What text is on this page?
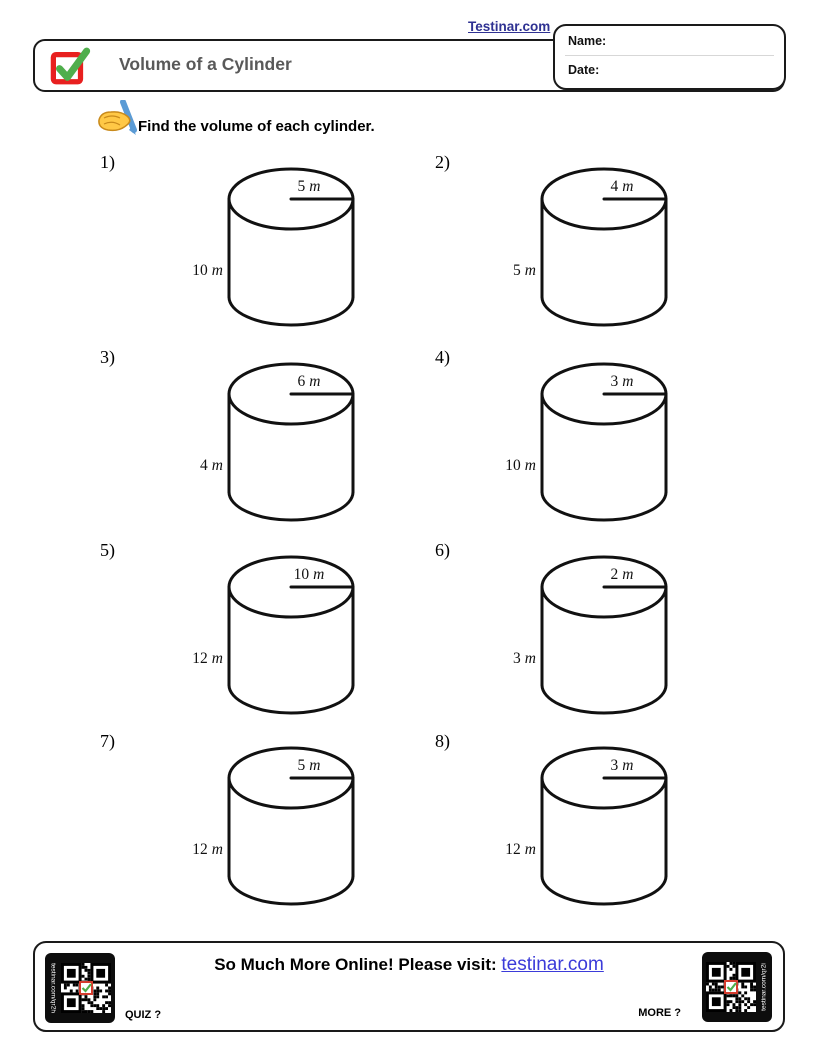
Testinar.com
Volume of a Cylinder
Name:
Date:
Find the volume of each cylinder.
1)
5 m
10 m
2)
4 m
5 m
3)
6 m
4 m
4)
3 m
10 m
5)
10 m
12 m
6)
2 m
3 m
7)
5 m
12 m
8)
3 m
12 m
testinar.com/qr2h	So Much More Online! Please visit: testinar.com
QUIZ ?	MORE ?
testinar.com/qr2i
